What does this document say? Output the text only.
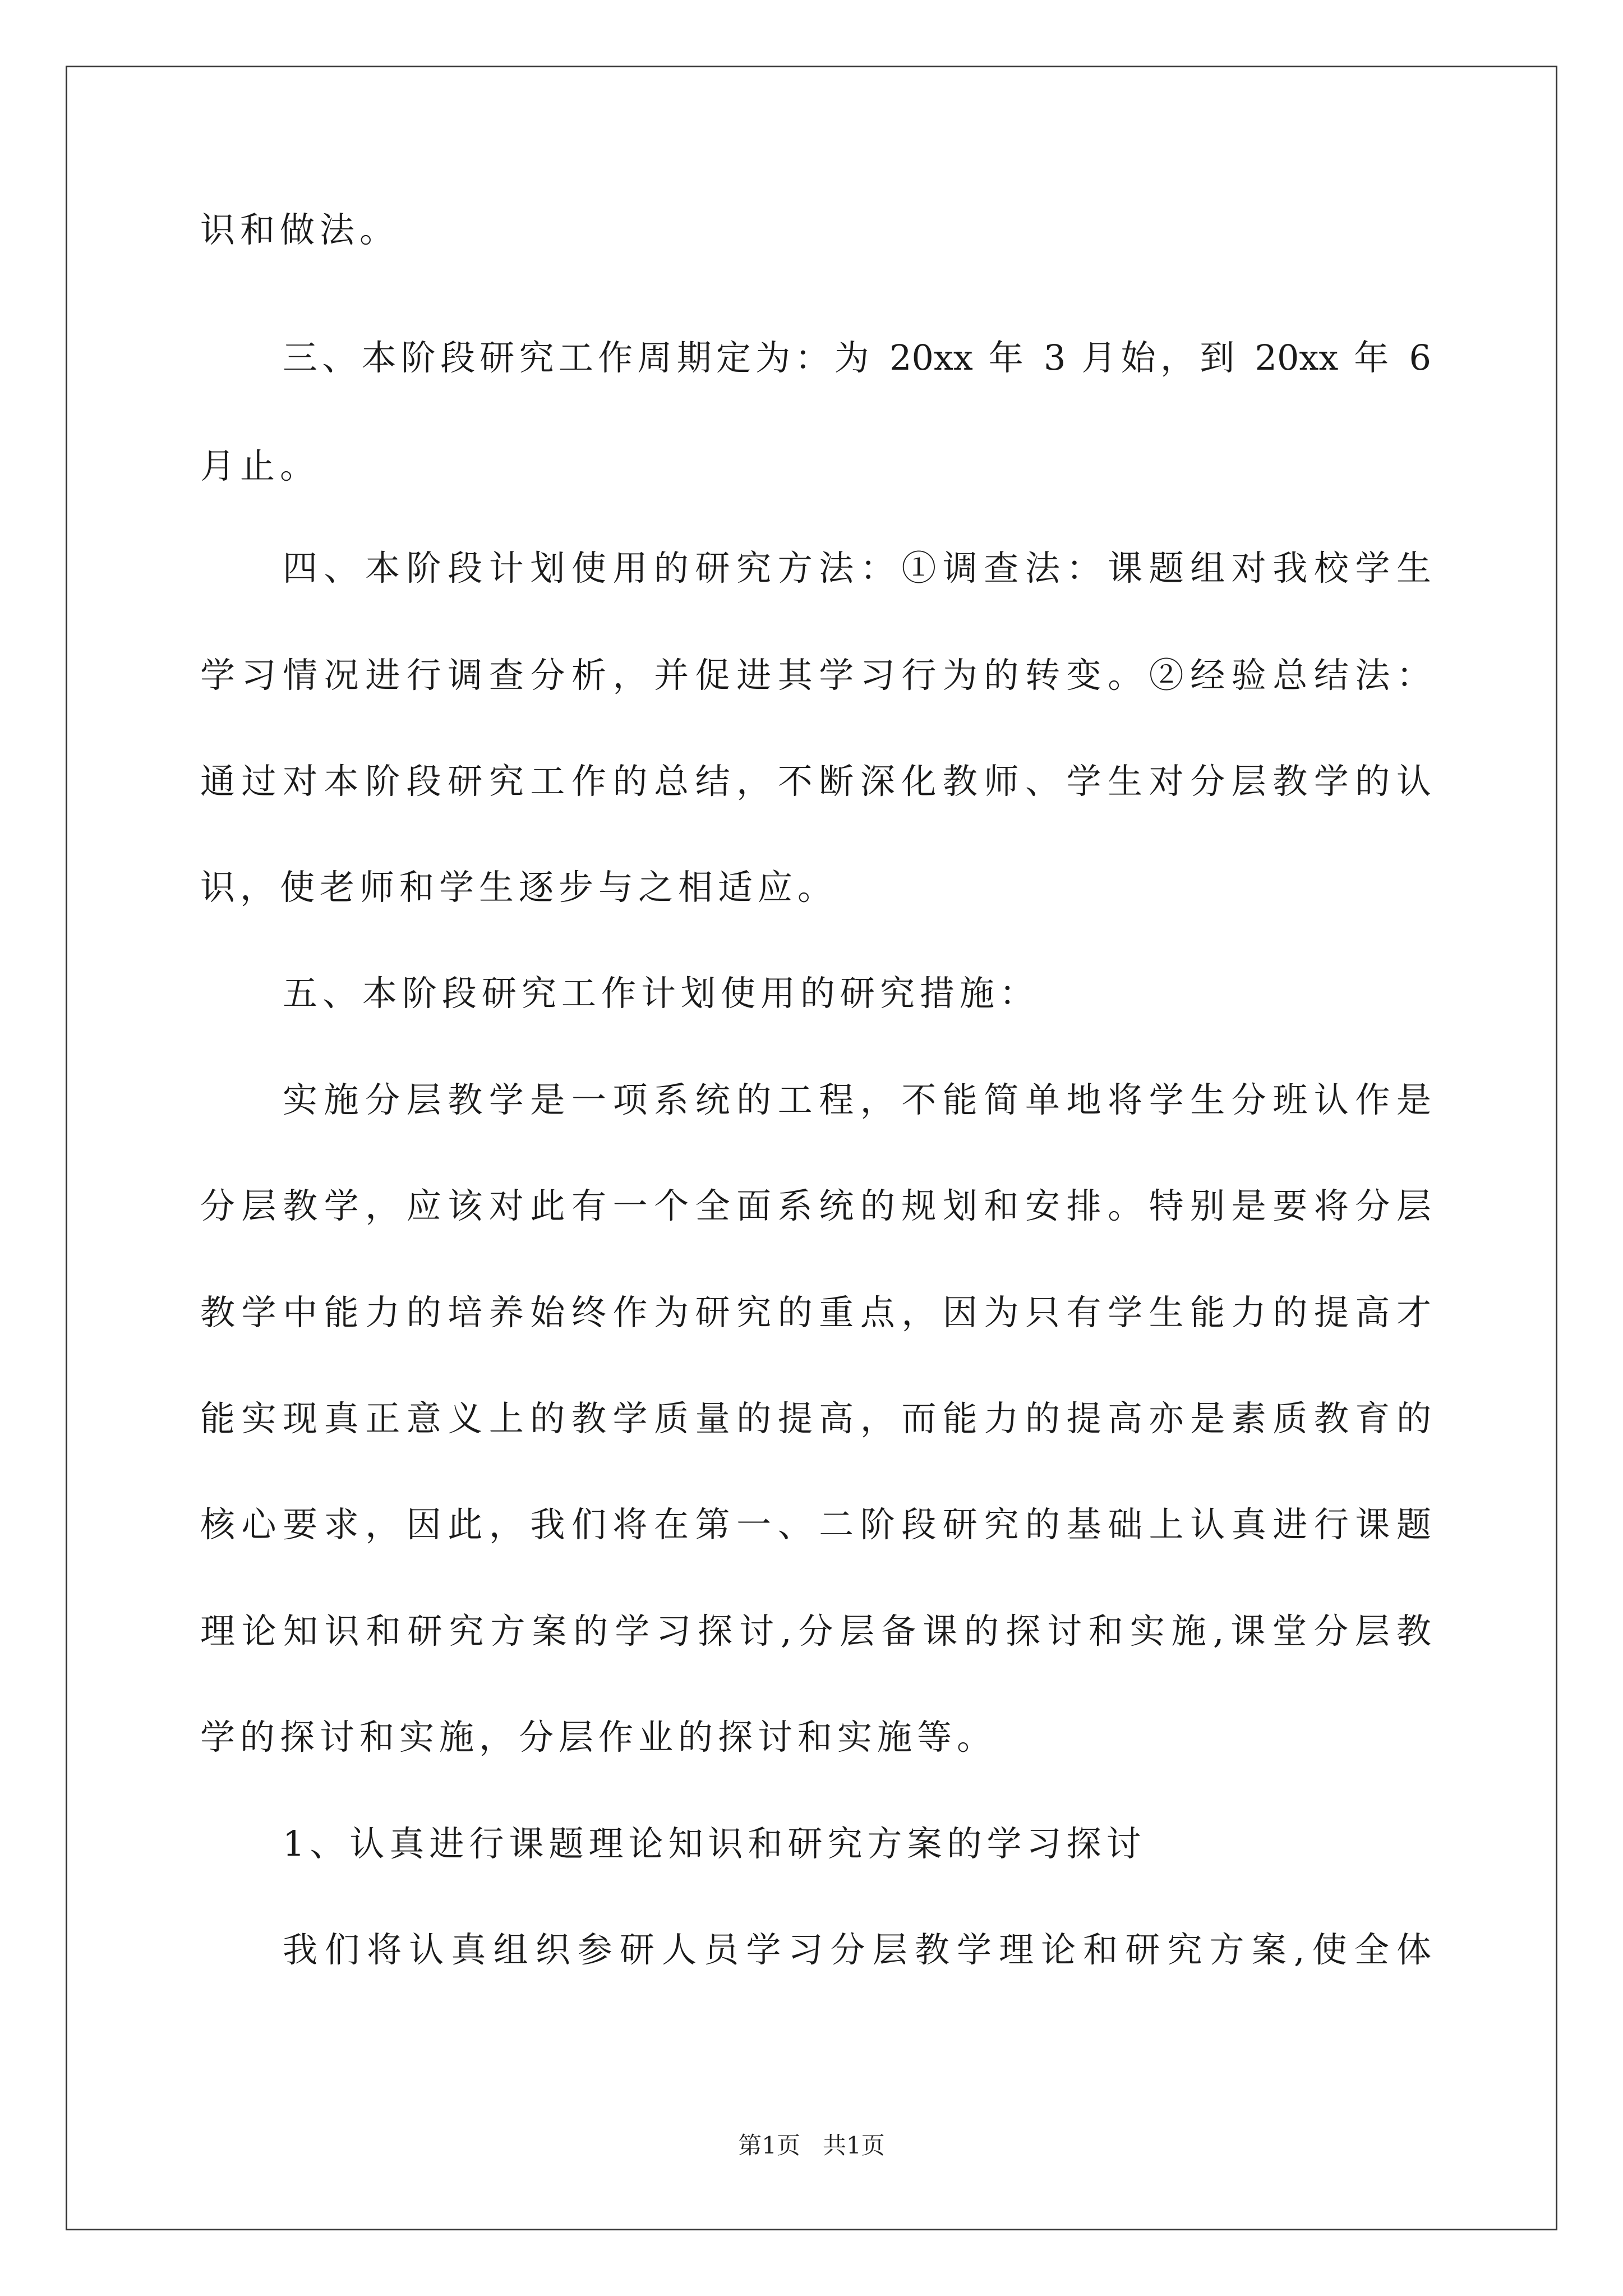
识和做法。
三、本阶段研究工作周期定为：为 20xx 年 3 月始，到 20xx 年 6
月止。
四、本阶段计划使用的研究方法：①调查法：课题组对我校学生
学习情况进行调查分析，并促进其学习行为的转变。②经验总结法：
通过对本阶段研究工作的总结，不断深化教师、学生对分层教学的认
识，使老师和学生逐步与之相适应。
五、本阶段研究工作计划使用的研究措施：
实施分层教学是一项系统的工程，不能简单地将学生分班认作是
分层教学，应该对此有一个全面系统的规划和安排。特别是要将分层
教学中能力的培养始终作为研究的重点，因为只有学生能力的提高才
能实现真正意义上的教学质量的提高，而能力的提高亦是素质教育的
核心要求，因此，我们将在第一、二阶段研究的基础上认真进行课题
理论知识和研究方案的学习探讨,分层备课的探讨和实施,课堂分层教
学的探讨和实施，分层作业的探讨和实施等。
1、认真进行课题理论知识和研究方案的学习探讨
我们将认真组织参研人员学习分层教学理论和研究方案,使全体
第1页   共1页
